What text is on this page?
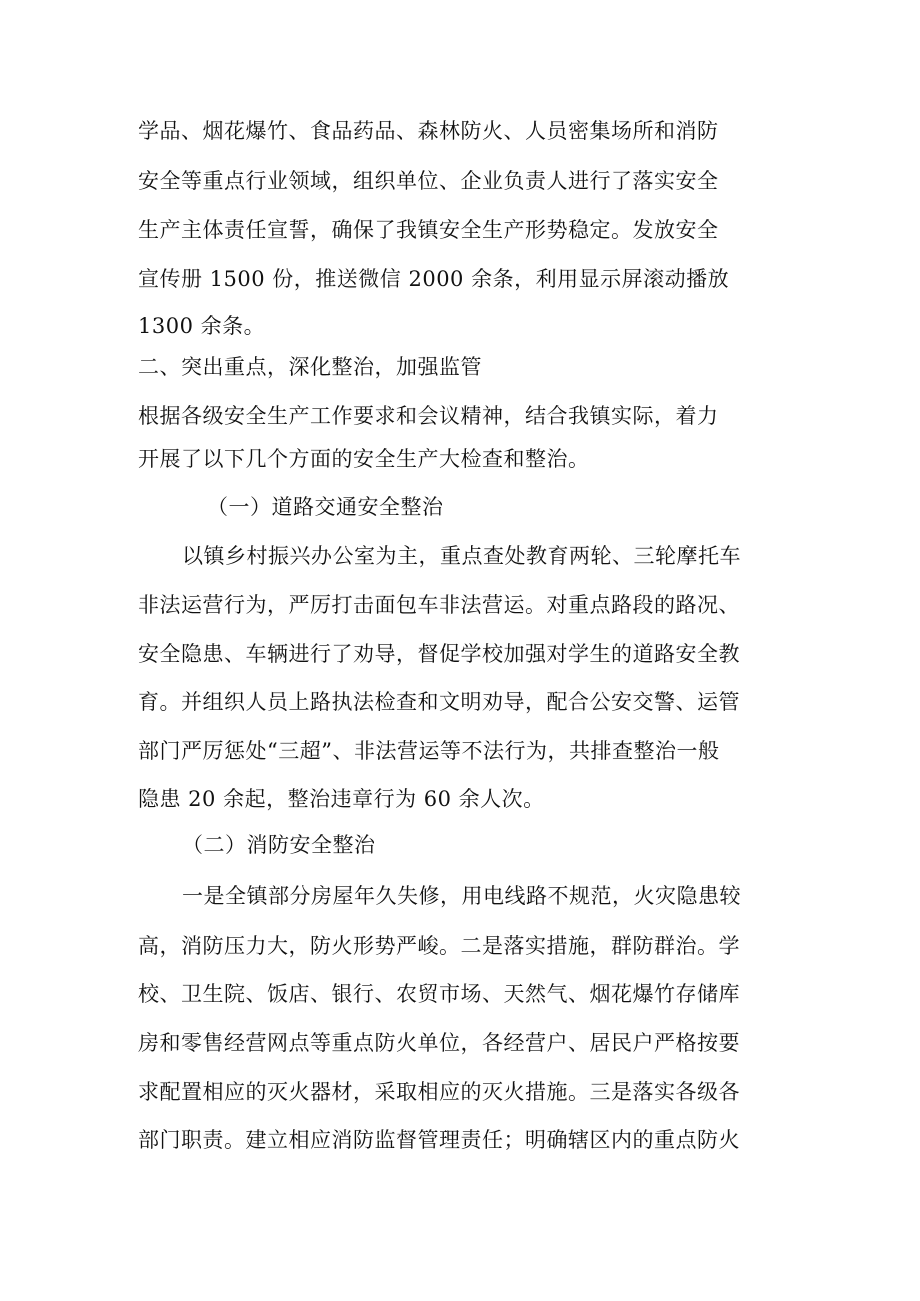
学品、烟花爆竹、食品药品、森林防火、人员密集场所和消防
安全等重点行业领域，组织单位、企业负责人进行了落实安全
生产主体责任宣誓，确保了我镇安全生产形势稳定。发放安全
宣传册 1500 份，推送微信 2000 余条，利用显示屏滚动播放
1300 余条。
二、突出重点，深化整治，加强监管
根据各级安全生产工作要求和会议精神，结合我镇实际，着力
开展了以下几个方面的安全生产大检查和整治。
（一）道路交通安全整治
以镇乡村振兴办公室为主，重点查处教育两轮、三轮摩托车
非法运营行为，严厉打击面包车非法营运。对重点路段的路况、
安全隐患、车辆进行了劝导，督促学校加强对学生的道路安全教
育。并组织人员上路执法检查和文明劝导，配合公安交警、运管
部门严厉惩处“三超”、非法营运等不法行为，共排查整治一般
隐患 20 余起，整治违章行为 60 余人次。
（二）消防安全整治
一是全镇部分房屋年久失修，用电线路不规范，火灾隐患较
高，消防压力大，防火形势严峻。二是落实措施，群防群治。学
校、卫生院、饭店、银行、农贸市场、天然气、烟花爆竹存储库
房和零售经营网点等重点防火单位，各经营户、居民户严格按要
求配置相应的灭火器材，采取相应的灭火措施。三是落实各级各
部门职责。建立相应消防监督管理责任；明确辖区内的重点防火
